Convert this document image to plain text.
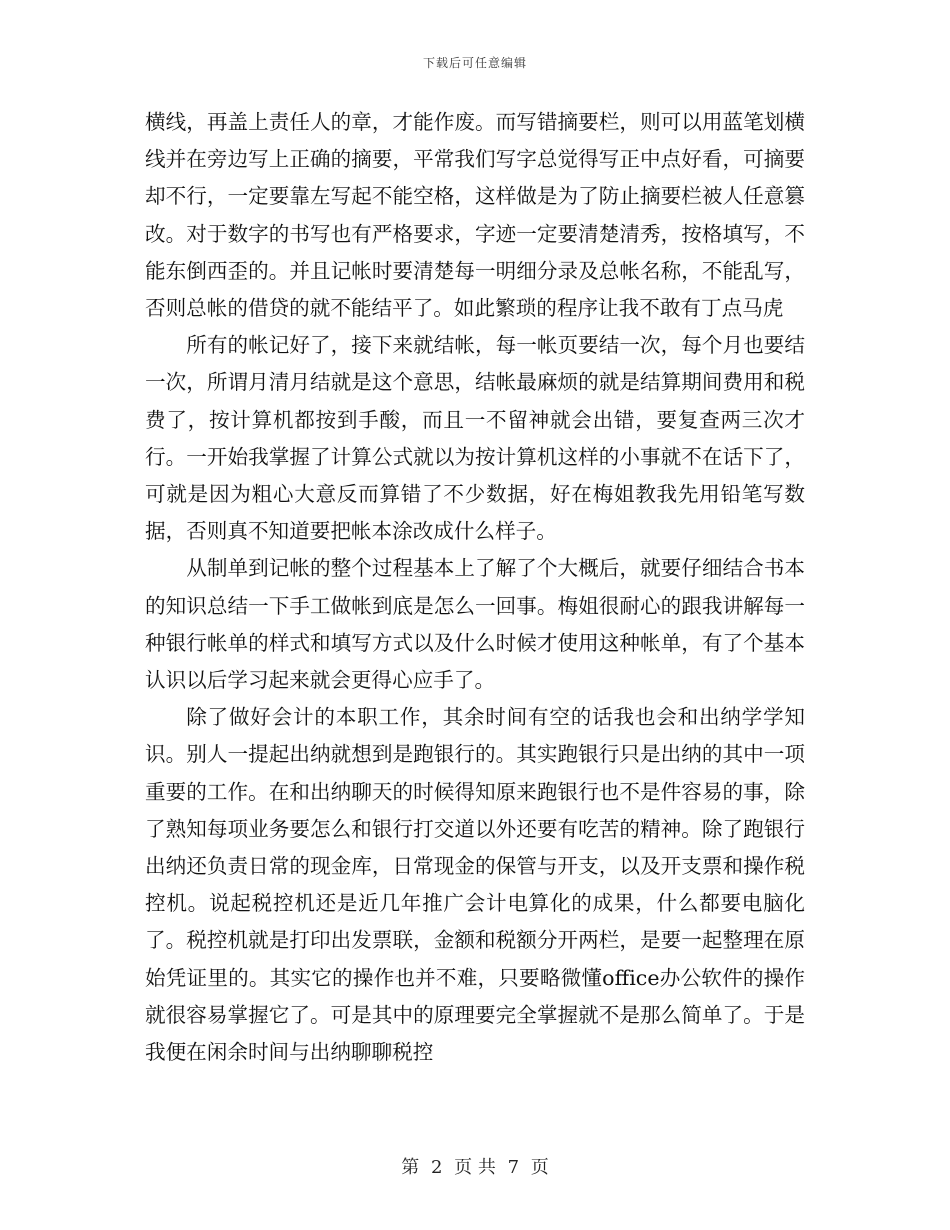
下载后可任意编辑

横线，再盖上责任人的章，才能作废。而写错摘要栏，则可以用蓝笔划横线并在旁边写上正确的摘要，平常我们写字总觉得写正中点好看，可摘要却不行，一定要靠左写起不能空格，这样做是为了防止摘要栏被人任意篡改。对于数字的书写也有严格要求，字迹一定要清楚清秀，按格填写，不能东倒西歪的。并且记帐时要清楚每一明细分录及总帐名称，不能乱写，否则总帐的借贷的就不能结平了。如此繁琐的程序让我不敢有丁点马虎

所有的帐记好了，接下来就结帐，每一帐页要结一次，每个月也要结一次，所谓月清月结就是这个意思，结帐最麻烦的就是结算期间费用和税费了，按计算机都按到手酸，而且一不留神就会出错，要复查两三次才行。一开始我掌握了计算公式就以为按计算机这样的小事就不在话下了，可就是因为粗心大意反而算错了不少数据，好在梅姐教我先用铅笔写数据，否则真不知道要把帐本涂改成什么样子。

从制单到记帐的整个过程基本上了解了个大概后，就要仔细结合书本的知识总结一下手工做帐到底是怎么一回事。梅姐很耐心的跟我讲解每一种银行帐单的样式和填写方式以及什么时候才使用这种帐单，有了个基本认识以后学习起来就会更得心应手了。

除了做好会计的本职工作，其余时间有空的话我也会和出纳学学知识。别人一提起出纳就想到是跑银行的。其实跑银行只是出纳的其中一项重要的工作。在和出纳聊天的时候得知原来跑银行也不是件容易的事，除了熟知每项业务要怎么和银行打交道以外还要有吃苦的精神。除了跑银行出纳还负责日常的现金库，日常现金的保管与开支，以及开支票和操作税控机。说起税控机还是近几年推广会计电算化的成果，什么都要电脑化了。税控机就是打印出发票联，金额和税额分开两栏，是要一起整理在原始凭证里的。其实它的操作也并不难，只要略微懂office办公软件的操作就很容易掌握它了。可是其中的原理要完全掌握就不是那么简单了。于是我便在闲余时间与出纳聊聊税控

第 2 页 共 7 页
